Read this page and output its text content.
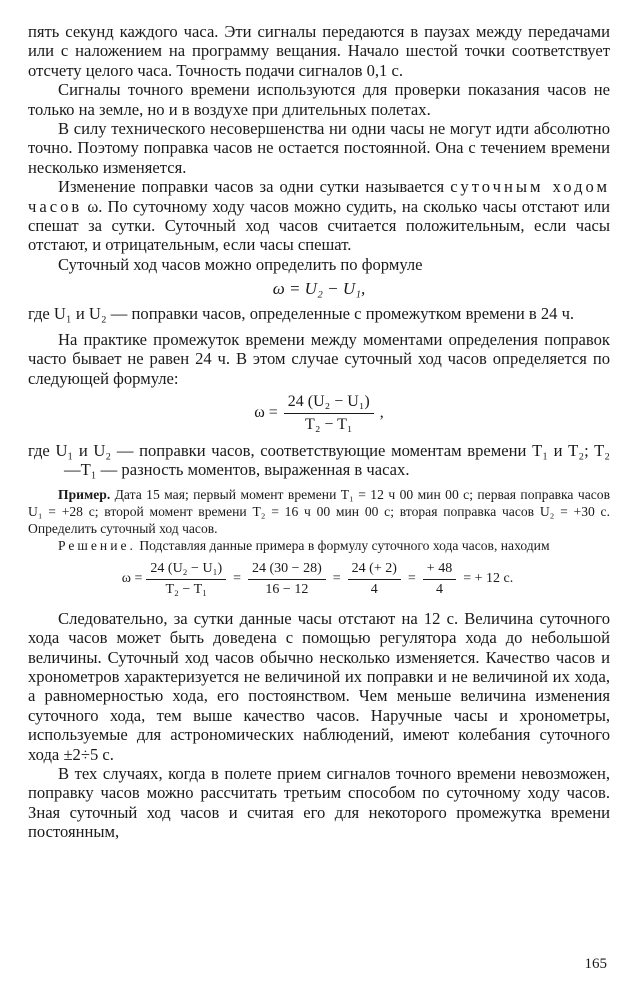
пять секунд каждого часа. Эти сигналы передаются в паузах между передачами или с наложением на программу вещания. Начало шестой точки соответствует отсчету целого часа. Точность подачи сигналов 0,1 с.

Сигналы точного времени используются для проверки показания часов не только на земле, но и в воздухе при длительных полетах.

В силу технического несовершенства ни одни часы не могут идти абсолютно точно. Поэтому поправка часов не остается постоянной. Она с течением времени несколько изменяется.

Изменение поправки часов за одни сутки называется суточным ходом часов ω. По суточному ходу часов можно судить, на сколько часы отстают или спешат за сутки. Суточный ход часов считается положительным, если часы отстают, и отрицательным, если часы спешат.

Суточный ход часов можно определить по формуле

ω = U₂ − U₁,

где U₁ и U₂ — поправки часов, определенные с промежутком времени в 24 ч.

На практике промежуток времени между моментами определения поправок часто бывает не равен 24 ч. В этом случае суточный ход часов определяется по следующей формуле:

$\omega = \frac{\text{24 (U₂ − U₁)}}{\text{T₂ − T₁}}$ ,

где U₁ и U₂ — поправки часов, соответствующие моментам времени T₁ и T₂; T₂ —T₁ — разность моментов, выраженная в часах.

Пример. Дата 15 мая; первый момент времени T₁ = 12 ч 00 мин 00 с; первая поправка часов U₁ = +28 с; второй момент времени T₂ = 16 ч 00 мин 00 с; вторая поправка часов U₂ = +30 с. Определить суточный ход часов.

Решение. Подставляя данные примера в формулу суточного хода часов, находим

$\omega = \frac{\text{24 (U₂ − U₁)}}{\text{T₂ − T₁}} = \frac{24 (30 - 28)}{16 - 12} = \frac{24 (+ 2)}{4} = \frac{+ 48}{4}$ = + 12 с.

Следовательно, за сутки данные часы отстают на 12 с. Величина суточного хода часов может быть доведена с помощью регулятора хода до небольшой величины. Суточный ход часов обычно несколько изменяется. Качество часов и хронометров характеризуется не величиной их поправки и не величиной их хода, а равномерностью хода, его постоянством. Чем меньше величина изменения суточного хода, тем выше качество часов. Наручные часы и хронометры, используемые для астрономических наблюдений, имеют колебания суточного хода ±2÷5 с.

В тех случаях, когда в полете прием сигналов точного времени невозможен, поправку часов можно рассчитать третьим способом по суточному ходу часов. Зная суточный ход часов и считая его для некоторого промежутка времени постоянным,

165
